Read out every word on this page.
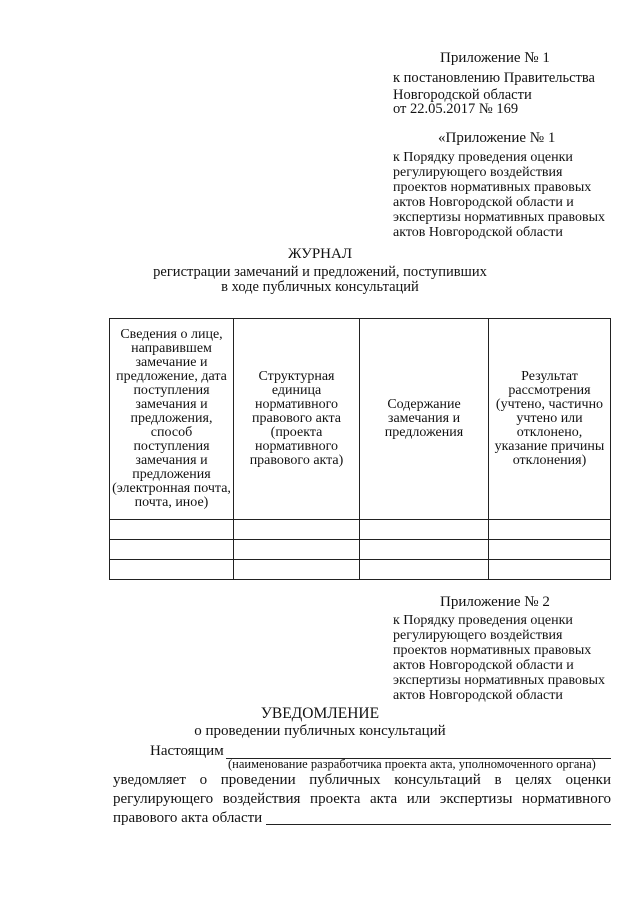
Приложение № 1
к постановлению Правительства
Новгородской области
от 22.05.2017 № 169
«Приложение № 1
к Порядку проведения оценки
регулирующего воздействия
проектов нормативных правовых
актов Новгородской области и
экспертизы нормативных правовых
актов Новгородской области
ЖУРНАЛ
регистрации замечаний и предложений, поступивших
в ходе публичных консультаций
Сведения о лице, направившем замечание и предложение, дата поступления замечания и предложения, способ поступления замечания и предложения (электронная почта, почта, иное)	Структурная единица нормативного правового акта (проекта нормативного правового акта)	Содержание замечания и предложения	Результат рассмотрения (учтено, частично учтено или отклонено, указание причины отклонения)

Приложение № 2
к Порядку проведения оценки
регулирующего воздействия
проектов нормативных правовых
актов Новгородской области и
экспертизы нормативных правовых
актов Новгородской области
УВЕДОМЛЕНИЕ
о проведении публичных консультаций
Настоящим
(наименование разработчика проекта акта, уполномоченного органа)
уведомляет о проведении публичных консультаций в целях оценки
регулирующего воздействия проекта акта или экспертизы нормативного
правового акта области
